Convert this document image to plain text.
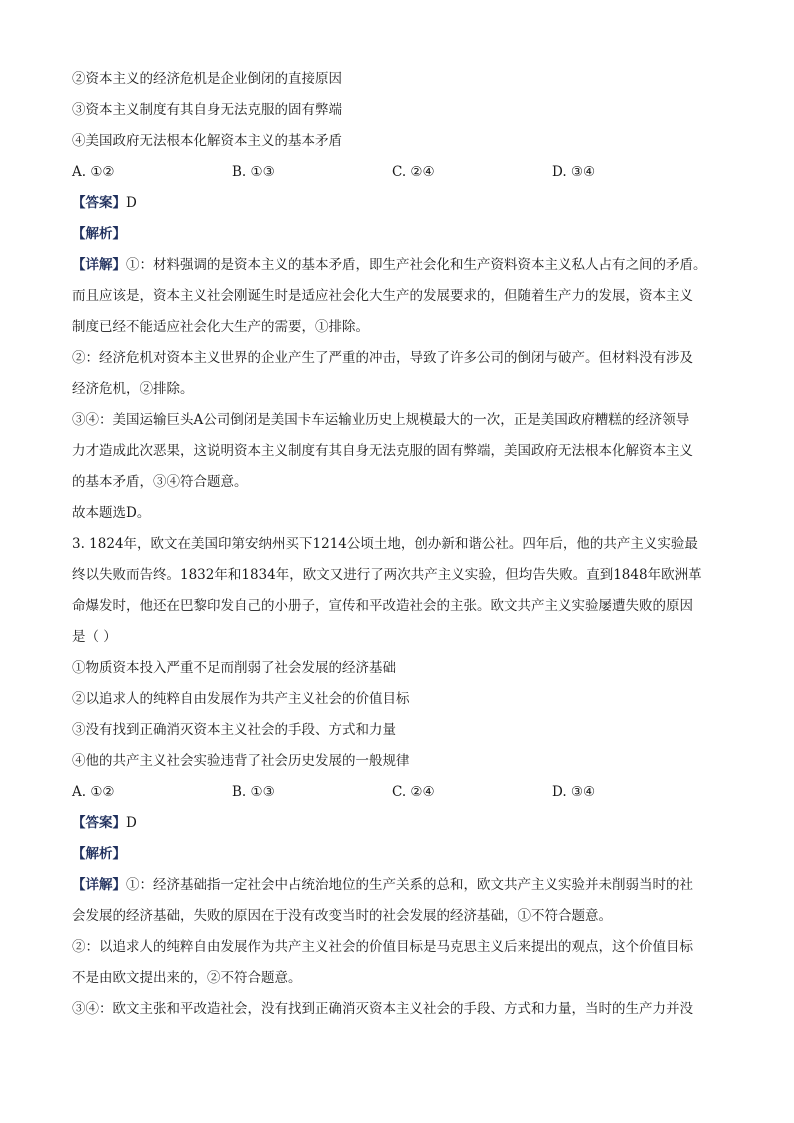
②资本主义的经济危机是企业倒闭的直接原因
③资本主义制度有其自身无法克服的固有弊端
④美国政府无法根本化解资本主义的基本矛盾
A. ①②	B. ①③	C. ②④	D. ③④
【答案】D
【解析】
【详解】①：材料强调的是资本主义的基本矛盾，即生产社会化和生产资料资本主义私人占有之间的矛盾。
而且应该是，资本主义社会刚诞生时是适应社会化大生产的发展要求的，但随着生产力的发展，资本主义
制度已经不能适应社会化大生产的需要，①排除。
②：经济危机对资本主义世界的企业产生了严重的冲击，导致了许多公司的倒闭与破产。但材料没有涉及
经济危机，②排除。
③④：美国运输巨头A公司倒闭是美国卡车运输业历史上规模最大的一次，正是美国政府糟糕的经济领导
力才造成此次恶果，这说明资本主义制度有其自身无法克服的固有弊端，美国政府无法根本化解资本主义
的基本矛盾，③④符合题意。
故本题选D。
3. 1824年，欧文在美国印第安纳州买下1214公顷土地，创办新和谐公社。四年后，他的共产主义实验最
终以失败而告终。1832年和1834年，欧文又进行了两次共产主义实验，但均告失败。直到1848年欧洲革
命爆发时，他还在巴黎印发自己的小册子，宣传和平改造社会的主张。欧文共产主义实验屡遭失败的原因
是（ ）
①物质资本投入严重不足而削弱了社会发展的经济基础
②以追求人的纯粹自由发展作为共产主义社会的价值目标
③没有找到正确消灭资本主义社会的手段、方式和力量
④他的共产主义社会实验违背了社会历史发展的一般规律
A. ①②	B. ①③	C. ②④	D. ③④
【答案】D
【解析】
【详解】①：经济基础指一定社会中占统治地位的生产关系的总和，欧文共产主义实验并未削弱当时的社
会发展的经济基础，失败的原因在于没有改变当时的社会发展的经济基础，①不符合题意。
②：以追求人的纯粹自由发展作为共产主义社会的价值目标是马克思主义后来提出的观点，这个价值目标
不是由欧文提出来的，②不符合题意。
③④：欧文主张和平改造社会，没有找到正确消灭资本主义社会的手段、方式和力量，当时的生产力并没
